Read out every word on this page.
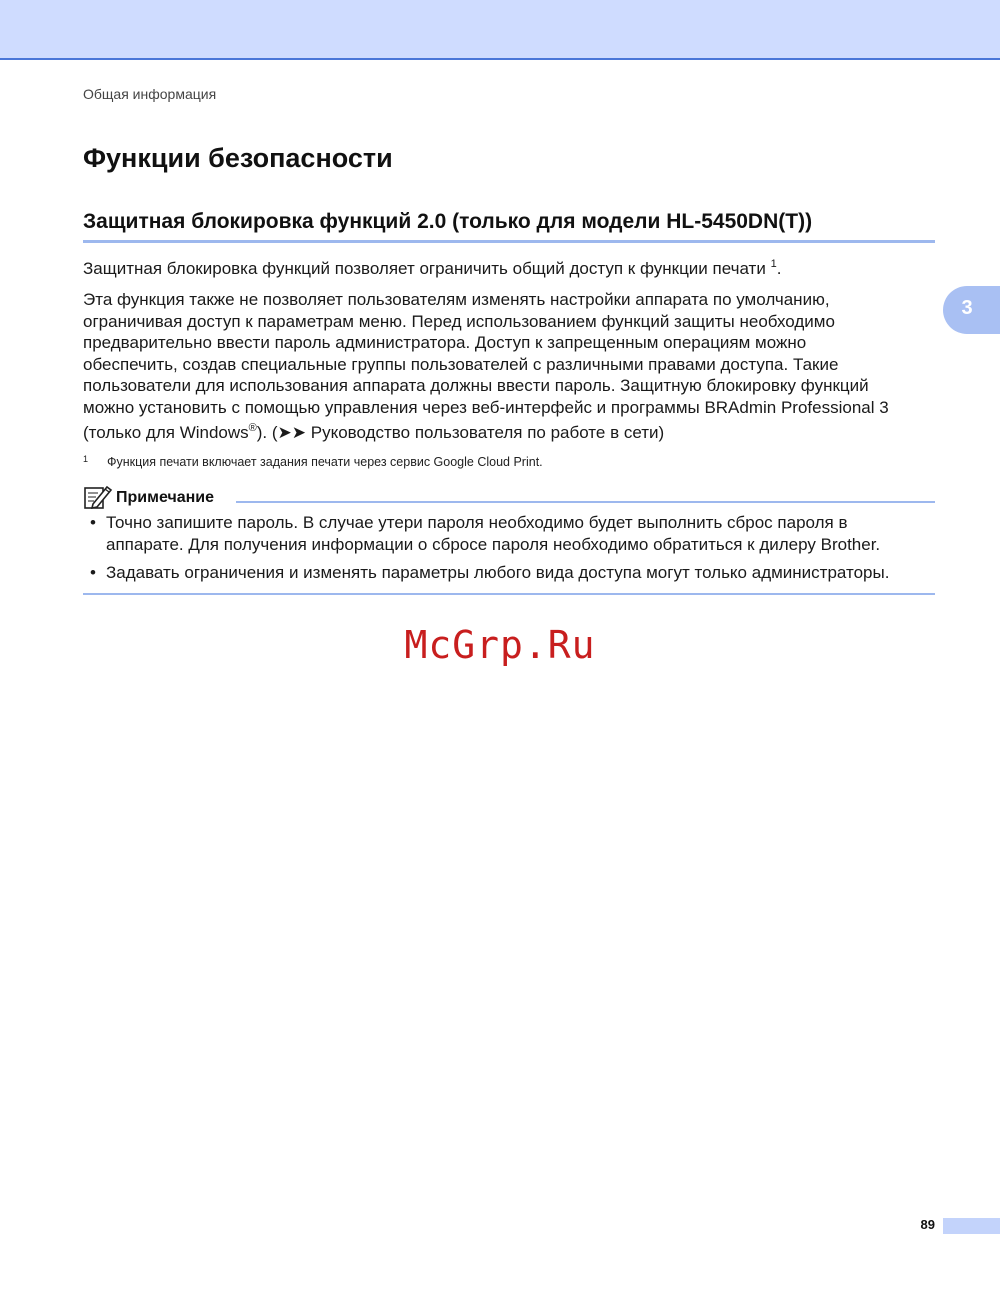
Общая информация
Функции безопасности
Защитная блокировка функций 2.0 (только для модели HL-5450DN(T))

Защитная блокировка функций позволяет ограничить общий доступ к функции печати $^1$.

Эта функция также не позволяет пользователям изменять настройки аппарата по умолчанию,
ограничивая доступ к параметрам меню. Перед использованием функций защиты необходимо
предварительно ввести пароль администратора. Доступ к запрещенным операциям можно
обеспечить, создав специальные группы пользователей с различными правами доступа. Такие
пользователи для использования аппарата должны ввести пароль. Защитную блокировку функций
можно установить с помощью управления через веб-интерфейс и программы BRAdmin Professional 3
(только для Windows®). (➤➤ Руководство пользователя по работе в сети)
1 Функция печати включает задания печати через сервис Google Cloud Print.
Примечание
• Точно запишите пароль. В случае утери пароля необходимо будет выполнить сброс пароля в
аппарате. Для получения информации о сбросе пароля необходимо обратиться к дилеру Brother.
• Задавать ограничения и изменять параметры любого вида доступа могут только администраторы.
McGrp.Ru
3
89
